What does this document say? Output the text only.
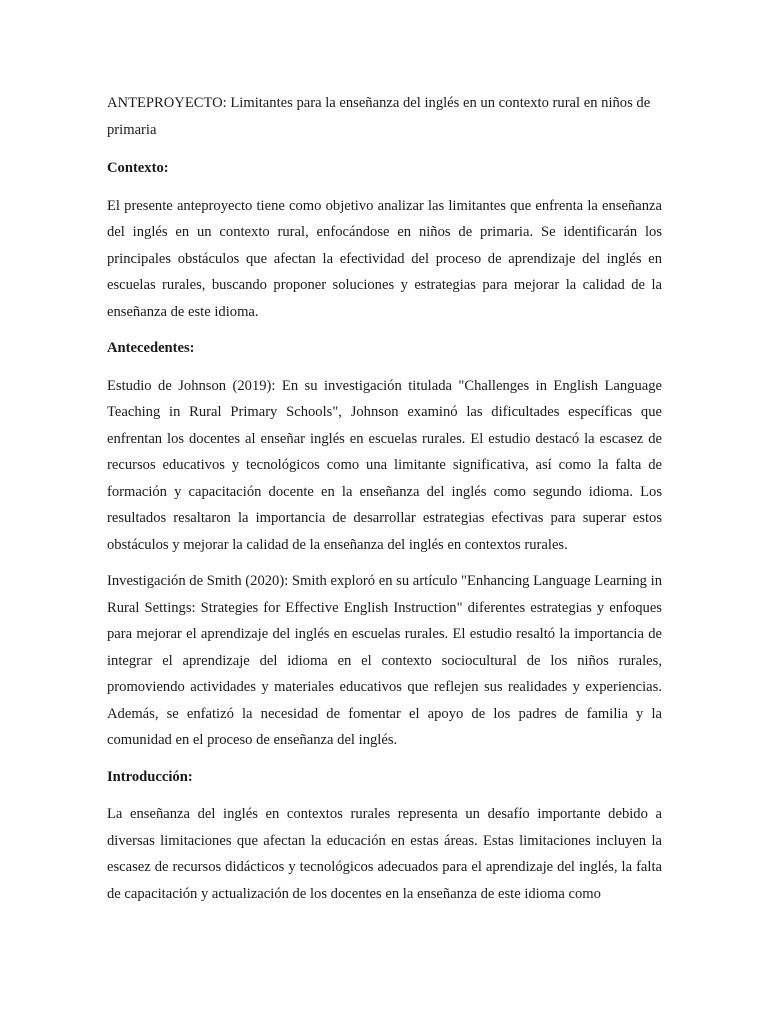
ANTEPROYECTO: Limitantes para la enseñanza del inglés en un contexto rural en niños de primaria

Contexto:

El presente anteproyecto tiene como objetivo analizar las limitantes que enfrenta la enseñanza del inglés en un contexto rural, enfocándose en niños de primaria. Se identificarán los principales obstáculos que afectan la efectividad del proceso de aprendizaje del inglés en escuelas rurales, buscando proponer soluciones y estrategias para mejorar la calidad de la enseñanza de este idioma.

Antecedentes:

Estudio de Johnson (2019): En su investigación titulada "Challenges in English Language Teaching in Rural Primary Schools", Johnson examinó las dificultades específicas que enfrentan los docentes al enseñar inglés en escuelas rurales. El estudio destacó la escasez de recursos educativos y tecnológicos como una limitante significativa, así como la falta de formación y capacitación docente en la enseñanza del inglés como segundo idioma. Los resultados resaltaron la importancia de desarrollar estrategias efectivas para superar estos obstáculos y mejorar la calidad de la enseñanza del inglés en contextos rurales.

Investigación de Smith (2020): Smith exploró en su artículo "Enhancing Language Learning in Rural Settings: Strategies for Effective English Instruction" diferentes estrategias y enfoques para mejorar el aprendizaje del inglés en escuelas rurales. El estudio resaltó la importancia de integrar el aprendizaje del idioma en el contexto sociocultural de los niños rurales, promoviendo actividades y materiales educativos que reflejen sus realidades y experiencias. Además, se enfatizó la necesidad de fomentar el apoyo de los padres de familia y la comunidad en el proceso de enseñanza del inglés.

Introducción:

La enseñanza del inglés en contextos rurales representa un desafío importante debido a diversas limitaciones que afectan la educación en estas áreas. Estas limitaciones incluyen la escasez de recursos didácticos y tecnológicos adecuados para el aprendizaje del inglés, la falta de capacitación y actualización de los docentes en la enseñanza de este idioma como
